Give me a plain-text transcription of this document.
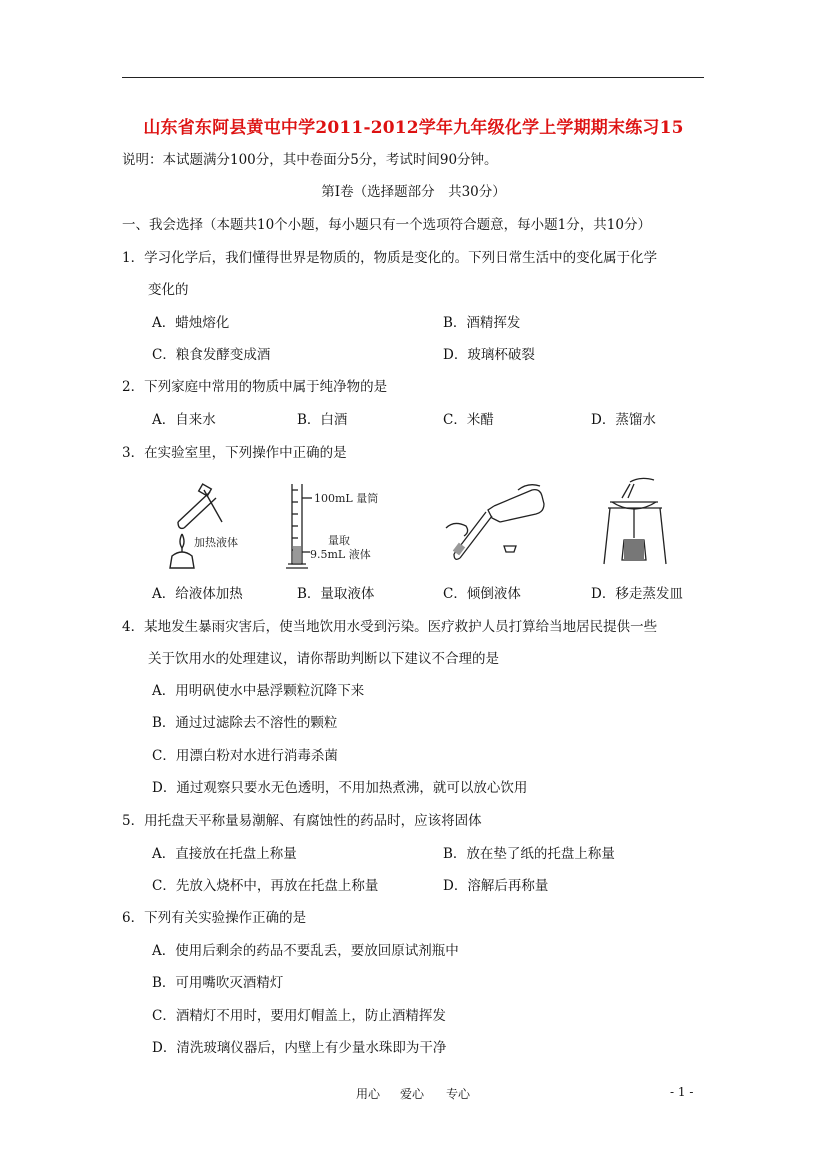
山东省东阿县黄屯中学2011-2012学年九年级化学上学期期末练习15
说明：本试题满分100分，其中卷面分5分，考试时间90分钟。
第Ⅰ卷（选择题部分　共30分）
一、我会选择（本题共10个小题，每小题只有一个选项符合题意，每小题1分，共10分）
1．学习化学后，我们懂得世界是物质的，物质是变化的。下列日常生活中的变化属于化学
变化的
A．蜡烛熔化	B．酒精挥发
C．粮食发酵变成酒	D．玻璃杯破裂
2．下列家庭中常用的物质中属于纯净物的是
A．自来水	B．白酒	C．米醋	D．蒸馏水
3．在实验室里，下列操作中正确的是
加热液体
100mL 量筒
量取
9.5mL 液体
A．给液体加热	B．量取液体	C．倾倒液体	D．移走蒸发皿
4．某地发生暴雨灾害后，使当地饮用水受到污染。医疗救护人员打算给当地居民提供一些
关于饮用水的处理建议，请你帮助判断以下建议不合理的是
A．用明矾使水中悬浮颗粒沉降下来
B．通过过滤除去不溶性的颗粒
C．用漂白粉对水进行消毒杀菌
D．通过观察只要水无色透明，不用加热煮沸，就可以放心饮用
5．用托盘天平称量易潮解、有腐蚀性的药品时，应该将固体
A．直接放在托盘上称量	B．放在垫了纸的托盘上称量
C．先放入烧杯中，再放在托盘上称量	D．溶解后再称量
6．下列有关实验操作正确的是
A．使用后剩余的药品不要乱丢，要放回原试剂瓶中
B．可用嘴吹灭酒精灯
C．酒精灯不用时，要用灯帽盖上，防止酒精挥发
D．清洗玻璃仪器后，内壁上有少量水珠即为干净
用心 爱心 专心	- 1 -
